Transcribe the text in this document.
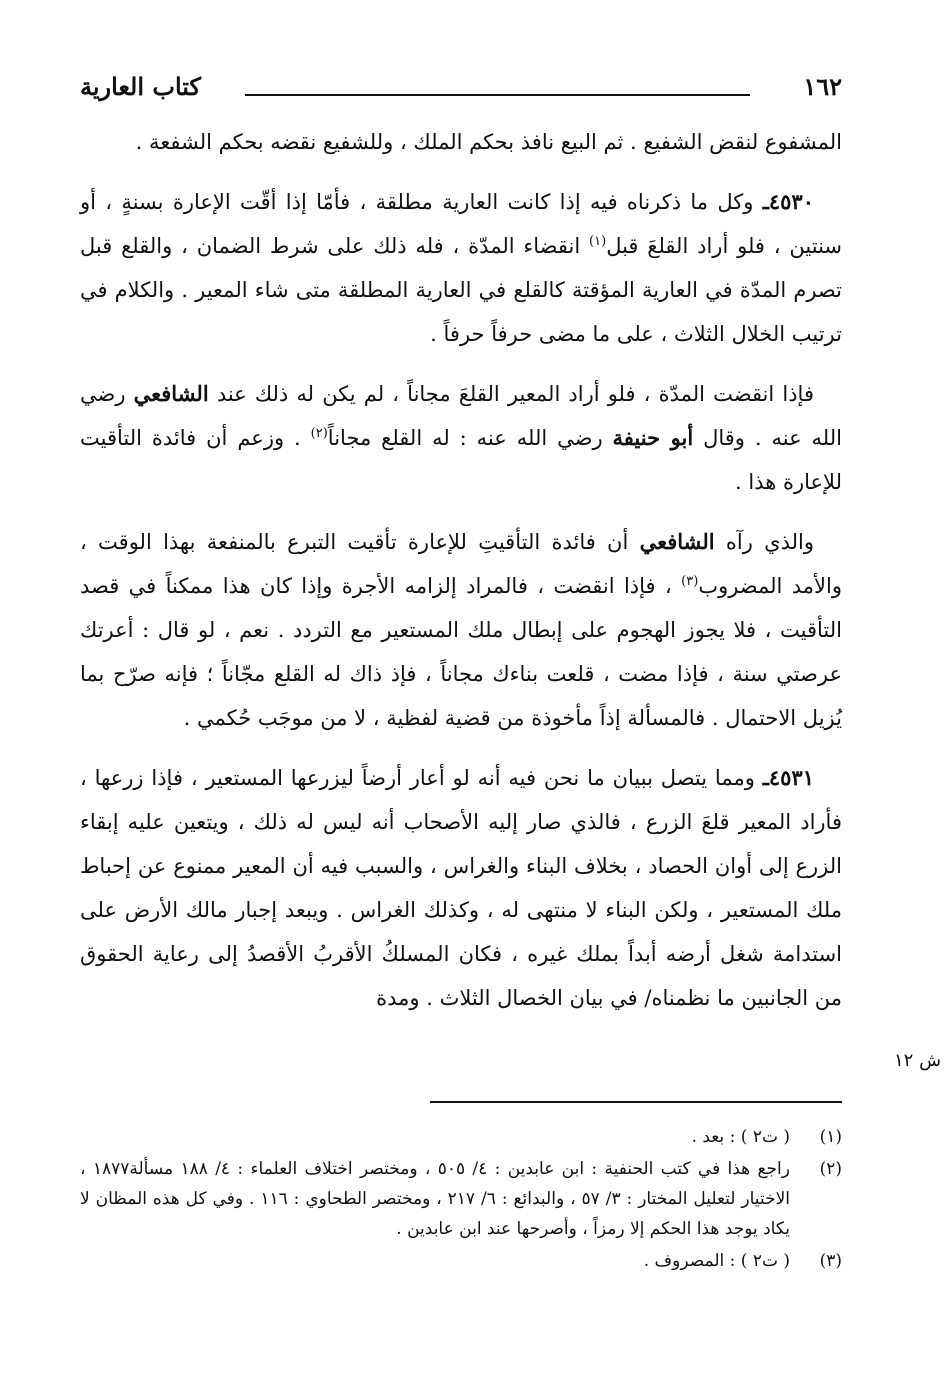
١٦٢
كتاب العارية

المشفوع لنقض الشفيع . ثم البيع نافذ بحكم الملك ، وللشفيع نقضه بحكم الشفعة .

٤٥٣٠ـ وكل ما ذكرناه فيه إذا كانت العارية مطلقة ، فأمّا إذا أقّت الإعارة بسنةٍ ، أو سنتين ، فلو أراد القلعَ قبل$^{(١)}$ انقضاء المدّة ، فله ذلك على شرط الضمان ، والقلع قبل تصرم المدّة في العارية المؤقتة كالقلع في العارية المطلقة متى شاء المعير . والكلام في ترتيب الخلال الثلاث ، على ما مضى حرفاً حرفاً .

فإذا انقضت المدّة ، فلو أراد المعير القلعَ مجاناً ، لم يكن له ذلك عند الشافعي رضي الله عنه . وقال أبو حنيفة رضي الله عنه : له القلع مجاناً$^{(٢)}$ . وزعم أن فائدة التأقيت للإعارة هذا .

والذي رآه الشافعي أن فائدة التأقيتِ للإعارة تأقيت التبرع بالمنفعة بهذا الوقت ، والأمد المضروب$^{(٣)}$ ، فإذا انقضت ، فالمراد إلزامه الأجرة وإذا كان هذا ممكناً في قصد التأقيت ، فلا يجوز الهجوم على إبطال ملك المستعير مع التردد . نعم ، لو قال : أعرتك عرصتي سنة ، فإذا مضت ، قلعت بناءك مجاناً ، فإذ ذاك له القلع مجّاناً ؛ فإنه صرّح بما يُزيل الاحتمال . فالمسألة إذاً مأخوذة من قضية لفظية ، لا من موجَب حُكمي .

٤٥٣١ـ ومما يتصل ببيان ما نحن فيه أنه لو أعار أرضاً ليزرعها المستعير ، فإذا زرعها ، فأراد المعير قلعَ الزرع ، فالذي صار إليه الأصحاب أنه ليس له ذلك ، ويتعين عليه إبقاء الزرع إلى أوان الحصاد ، بخلاف البناء والغراس ، والسبب فيه أن المعير ممنوع عن إحباط ملك المستعير ، ولكن البناء لا منتهى له ، وكذلك الغراس . ويبعد إجبار مالك الأرض على استدامة شغل أرضه أبداً بملك غيره ، فكان المسلكُ الأقربُ الأقصدُ إلى رعاية الحقوق من الجانبين ما نظمناه/ في بيان الخصال الثلاث . ومدة

ش ١٢
(١)
( ت٢ ) : بعد .
(٢)
راجع هذا في كتب الحنفية : ابن عابدين : ٤/ ٥٠٥ ، ومختصر اختلاف العلماء : ٤/ ١٨٨ مسألة١٨٧٧ ، الاختيار لتعليل المختار : ٣/ ٥٧ ، والبدائع : ٦/ ٢١٧ ، ومختصر الطحاوي : ١١٦ . وفي كل هذه المظان لا يكاد يوجد هذا الحكم إلا رمزاً ، وأصرحها عند ابن عابدين .
(٣)
( ت٢ ) : المصروف .
